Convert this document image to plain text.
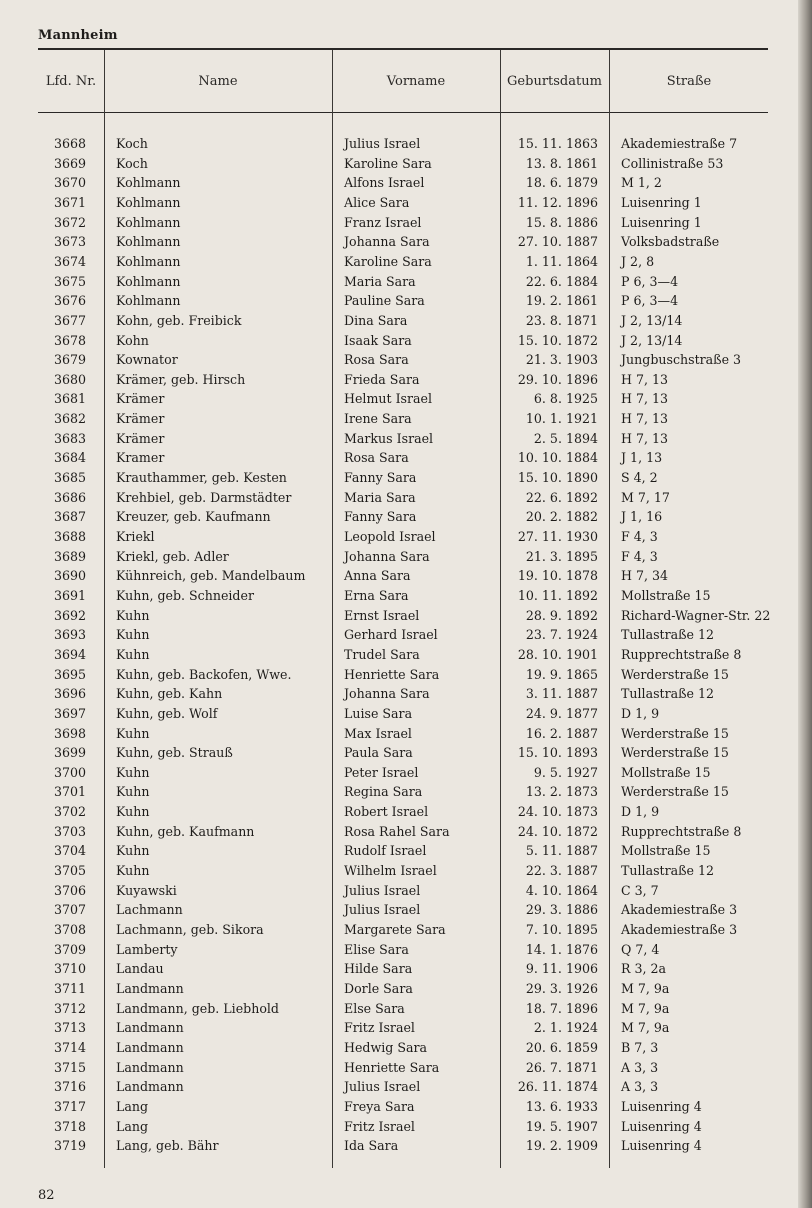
Mannheim
Lfd. Nr.	Name	Vorname	Geburtsdatum	Straße
3668 Koch	Julius Israel	15. 11. 1863 Akademiestraße 7
3669 Koch	Karoline Sara	13. 8. 1861 Collinistraße 53
3670 Kohlmann	Alfons Israel	18. 6. 1879 M 1, 2
3671 Kohlmann	Alice Sara	11. 12. 1896 Luisenring 1
3672 Kohlmann	Franz Israel	15. 8. 1886 Luisenring 1
3673 Kohlmann	Johanna Sara	27. 10. 1887 Volksbadstraße
3674 Kohlmann	Karoline Sara	1. 11. 1864 J 2, 8
3675 Kohlmann	Maria Sara	22. 6. 1884 P 6, 3—4
3676 Kohlmann	Pauline Sara	19. 2. 1861 P 6, 3—4
3677 Kohn, geb. Freibick	Dina Sara	23. 8. 1871 J 2, 13/14
3678 Kohn	Isaak Sara	15. 10. 1872 J 2, 13/14
3679 Kownator	Rosa Sara	21. 3. 1903 Jungbuschstraße 3
3680 Krämer, geb. Hirsch	Frieda Sara	29. 10. 1896 H 7, 13
3681 Krämer	Helmut Israel	6. 8. 1925 H 7, 13
3682 Krämer	Irene Sara	10. 1. 1921 H 7, 13
3683 Krämer	Markus Israel	2. 5. 1894 H 7, 13
3684 Kramer	Rosa Sara	10. 10. 1884 J 1, 13
3685 Krauthammer, geb. Kesten	Fanny Sara	15. 10. 1890 S 4, 2
3686 Krehbiel, geb. Darmstädter	Maria Sara	22. 6. 1892 M 7, 17
3687 Kreuzer, geb. Kaufmann	Fanny Sara	20. 2. 1882 J 1, 16
3688 Kriekl	Leopold Israel	27. 11. 1930 F 4, 3
3689 Kriekl, geb. Adler	Johanna Sara	21. 3. 1895 F 4, 3
3690 Kühnreich, geb. Mandelbaum	Anna Sara	19. 10. 1878 H 7, 34
3691 Kuhn, geb. Schneider	Erna Sara	10. 11. 1892 Mollstraße 15
3692 Kuhn	Ernst Israel	28. 9. 1892 Richard-Wagner-Str. 22
3693 Kuhn	Gerhard Israel	23. 7. 1924 Tullastraße 12
3694 Kuhn	Trudel Sara	28. 10. 1901 Rupprechtstraße 8
3695 Kuhn, geb. Backofen, Wwe.	Henriette Sara	19. 9. 1865 Werderstraße 15
3696 Kuhn, geb. Kahn	Johanna Sara	3. 11. 1887 Tullastraße 12
3697 Kuhn, geb. Wolf	Luise Sara	24. 9. 1877 D 1, 9
3698 Kuhn	Max Israel	16. 2. 1887 Werderstraße 15
3699 Kuhn, geb. Strauß	Paula Sara	15. 10. 1893 Werderstraße 15
3700 Kuhn	Peter Israel	9. 5. 1927 Mollstraße 15
3701 Kuhn	Regina Sara	13. 2. 1873 Werderstraße 15
3702 Kuhn	Robert Israel	24. 10. 1873 D 1, 9
3703 Kuhn, geb. Kaufmann	Rosa Rahel Sara	24. 10. 1872 Rupprechtstraße 8
3704 Kuhn	Rudolf Israel	5. 11. 1887 Mollstraße 15
3705 Kuhn	Wilhelm Israel	22. 3. 1887 Tullastraße 12
3706 Kuyawski	Julius Israel	4. 10. 1864 C 3, 7
3707 Lachmann	Julius Israel	29. 3. 1886 Akademiestraße 3
3708 Lachmann, geb. Sikora	Margarete Sara	7. 10. 1895 Akademiestraße 3
3709 Lamberty	Elise Sara	14. 1. 1876 Q 7, 4
3710 Landau	Hilde Sara	9. 11. 1906 R 3, 2a
3711 Landmann	Dorle Sara	29. 3. 1926 M 7, 9a
3712 Landmann, geb. Liebhold	Else Sara	18. 7. 1896 M 7, 9a
3713 Landmann	Fritz Israel	2. 1. 1924 M 7, 9a
3714 Landmann	Hedwig Sara	20. 6. 1859 B 7, 3
3715 Landmann	Henriette Sara	26. 7. 1871 A 3, 3
3716 Landmann	Julius Israel	26. 11. 1874 A 3, 3
3717 Lang	Freya Sara	13. 6. 1933 Luisenring 4
3718 Lang	Fritz Israel	19. 5. 1907 Luisenring 4
3719 Lang, geb. Bähr	Ida Sara	19. 2. 1909 Luisenring 4
82
